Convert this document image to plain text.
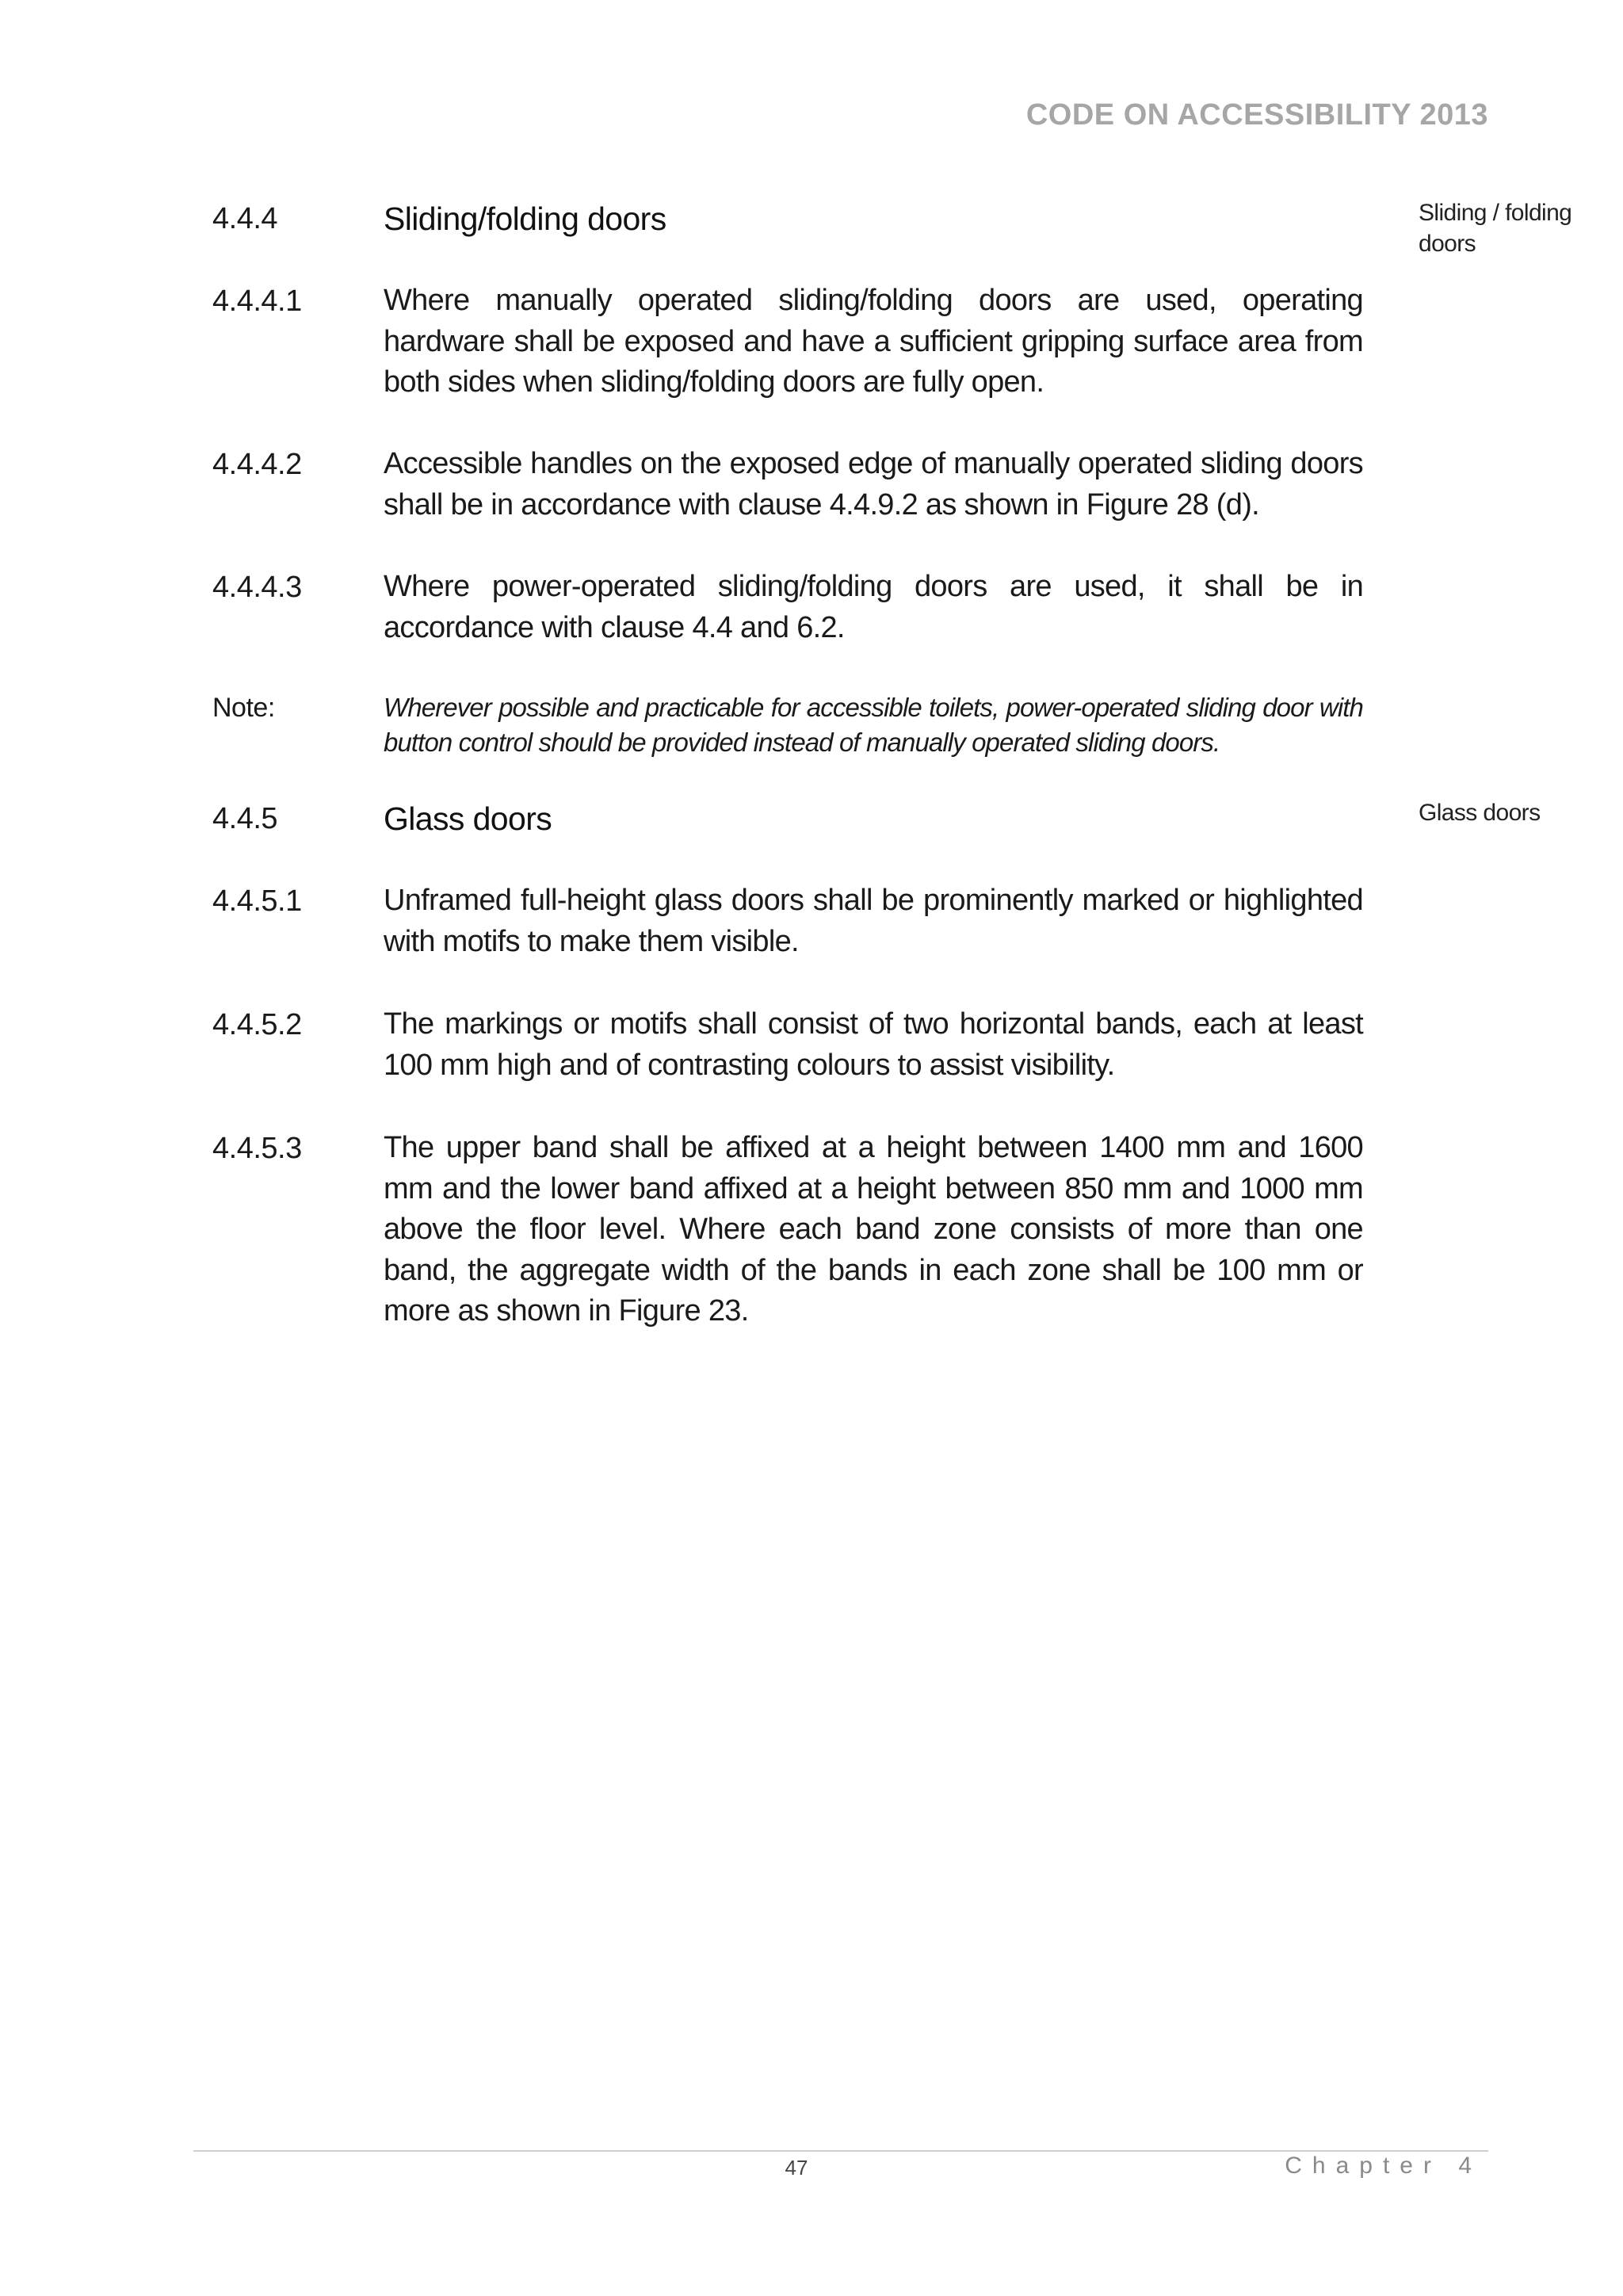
CODE ON ACCESSIBILITY 2013
4.4.4	Sliding/folding doors	Sliding / folding doors
4.4.4.1	Where manually operated sliding/folding doors are used, operating hardware shall be exposed and have a sufficient gripping surface area from both sides when sliding/folding doors are fully open.
4.4.4.2	Accessible handles on the exposed edge of manually operated sliding doors shall be in accordance with clause 4.4.9.2 as shown in Figure 28 (d).
4.4.4.3	Where power-operated sliding/folding doors are used, it shall be in accordance with clause 4.4 and 6.2.
Note:	Wherever possible and practicable for accessible toilets, power-operated sliding door with button control should be provided instead of manually operated sliding doors.
4.4.5	Glass doors	Glass doors
4.4.5.1	Unframed full-height glass doors shall be prominently marked or highlighted with motifs to make them visible.
4.4.5.2	The markings or motifs shall consist of two horizontal bands, each at least 100 mm high and of contrasting colours to assist visibility.
4.4.5.3	The upper band shall be affixed at a height between 1400 mm and 1600 mm and the lower band affixed at a height between 850 mm and 1000 mm above the floor level. Where each band zone consists of more than one band, the aggregate width of the bands in each zone shall be 100 mm or more as shown in Figure 23.
47	Chapter 4
